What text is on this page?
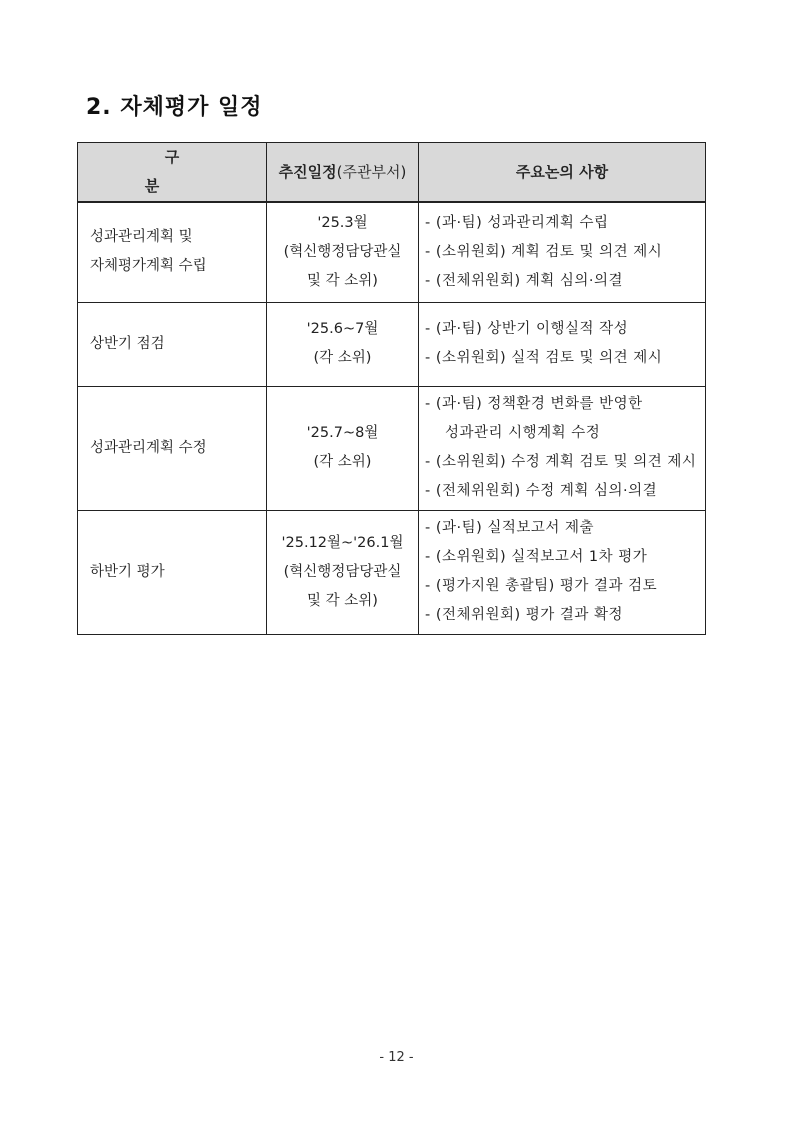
2. 자체평가 일정
구 분	추진일정(주관부서)	주요논의 사항

성과관리계획 및
자체평가계획 수립	'25.3월
(혁신행정담당관실
및 각 소위)	- (과·팀) 성과관리계획 수립
- (소위원회) 계획 검토 및 의견 제시
- (전체위원회) 계획 심의·의결

상반기 점검	'25.6~7월
(각 소위)	- (과·팀) 상반기 이행실적 작성
- (소위원회) 실적 검토 및 의견 제시

성과관리계획 수정	'25.7~8월
(각 소위)	- (과·팀) 정책환경 변화를 반영한
성과관리 시행계획 수정
- (소위원회) 수정 계획 검토 및 의견 제시
- (전체위원회) 수정 계획 심의·의결

하반기 평가	'25.12월~'26.1월
(혁신행정담당관실
및 각 소위)	- (과·팀) 실적보고서 제출
- (소위원회) 실적보고서 1차 평가
- (평가지원 총괄팀) 평가 결과 검토
- (전체위원회) 평가 결과 확정
- 12 -
